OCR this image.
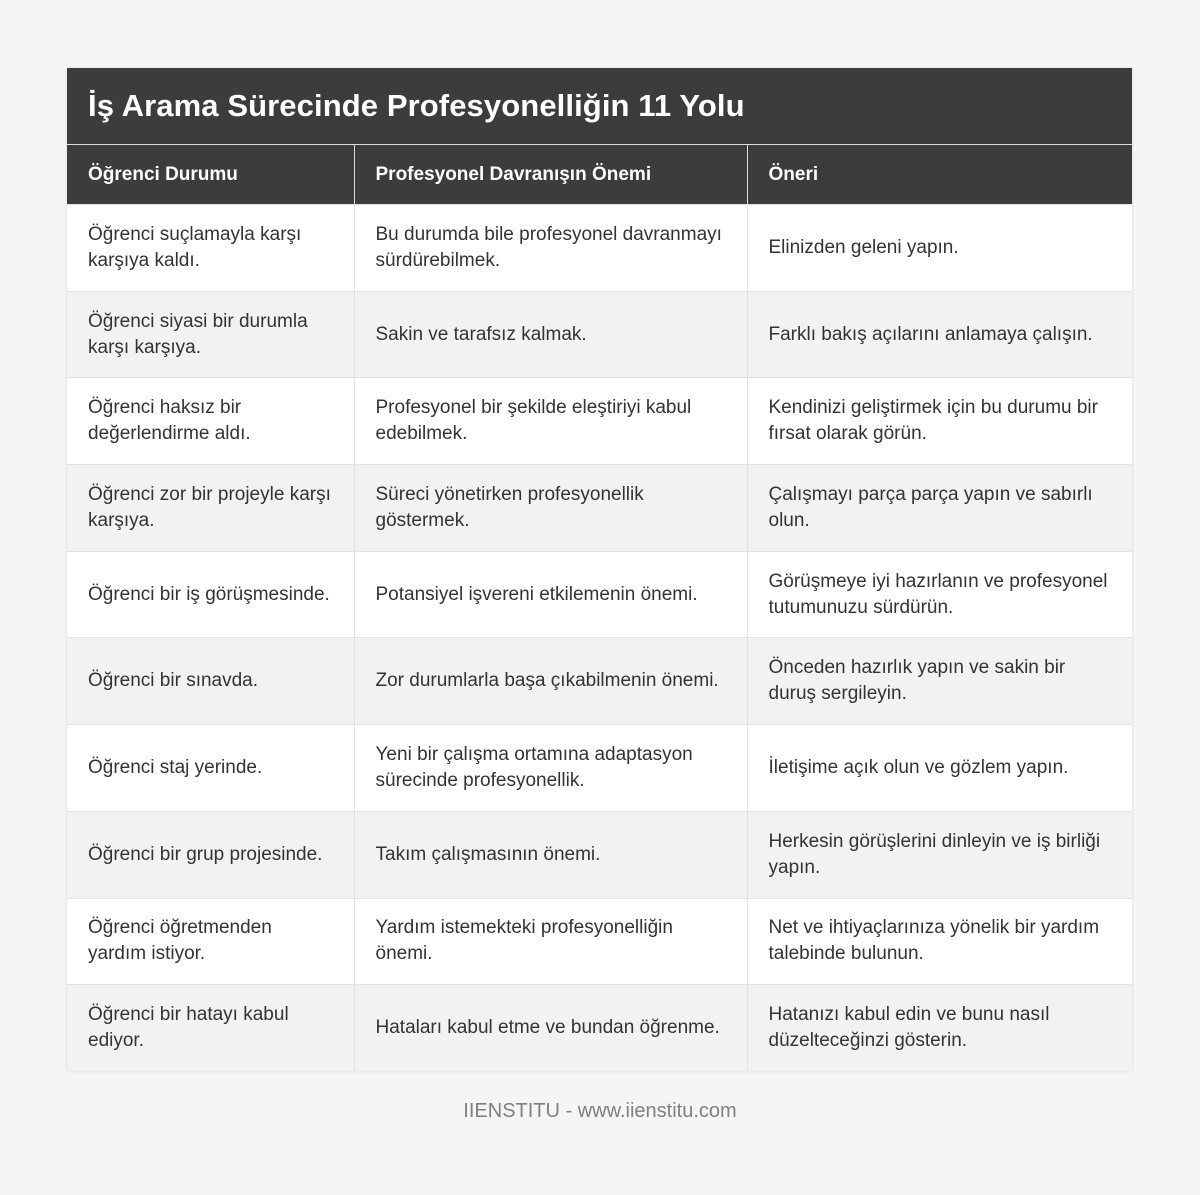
İş Arama Sürecinde Profesyonelliğin 11 Yolu
Öğrenci Durumu	Profesyonel Davranışın Önemi	Öneri
Öğrenci suçlamayla karşı karşıya kaldı.	Bu durumda bile profesyonel davranmayı sürdürebilmek.	Elinizden geleni yapın.
Öğrenci siyasi bir durumla karşı karşıya.	Sakin ve tarafsız kalmak.	Farklı bakış açılarını anlamaya çalışın.
Öğrenci haksız bir değerlendirme aldı.	Profesyonel bir şekilde eleştiriyi kabul edebilmek.	Kendinizi geliştirmek için bu durumu bir fırsat olarak görün.
Öğrenci zor bir projeyle karşı karşıya.	Süreci yönetirken profesyonellik göstermek.	Çalışmayı parça parça yapın ve sabırlı olun.
Öğrenci bir iş görüşmesinde.	Potansiyel işvereni etkilemenin önemi.	Görüşmeye iyi hazırlanın ve profesyonel tutumunuzu sürdürün.
Öğrenci bir sınavda.	Zor durumlarla başa çıkabilmenin önemi.	Önceden hazırlık yapın ve sakin bir duruş sergileyin.
Öğrenci staj yerinde.	Yeni bir çalışma ortamına adaptasyon sürecinde profesyonellik.	İletişime açık olun ve gözlem yapın.
Öğrenci bir grup projesinde.	Takım çalışmasının önemi.	Herkesin görüşlerini dinleyin ve iş birliği yapın.
Öğrenci öğretmenden yardım istiyor.	Yardım istemekteki profesyonelliğin önemi.	Net ve ihtiyaçlarınıza yönelik bir yardım talebinde bulunun.
Öğrenci bir hatayı kabul ediyor.	Hataları kabul etme ve bundan öğrenme.	Hatanızı kabul edin ve bunu nasıl düzelteceğinzi gösterin.
IIENSTITU - www.iienstitu.com
